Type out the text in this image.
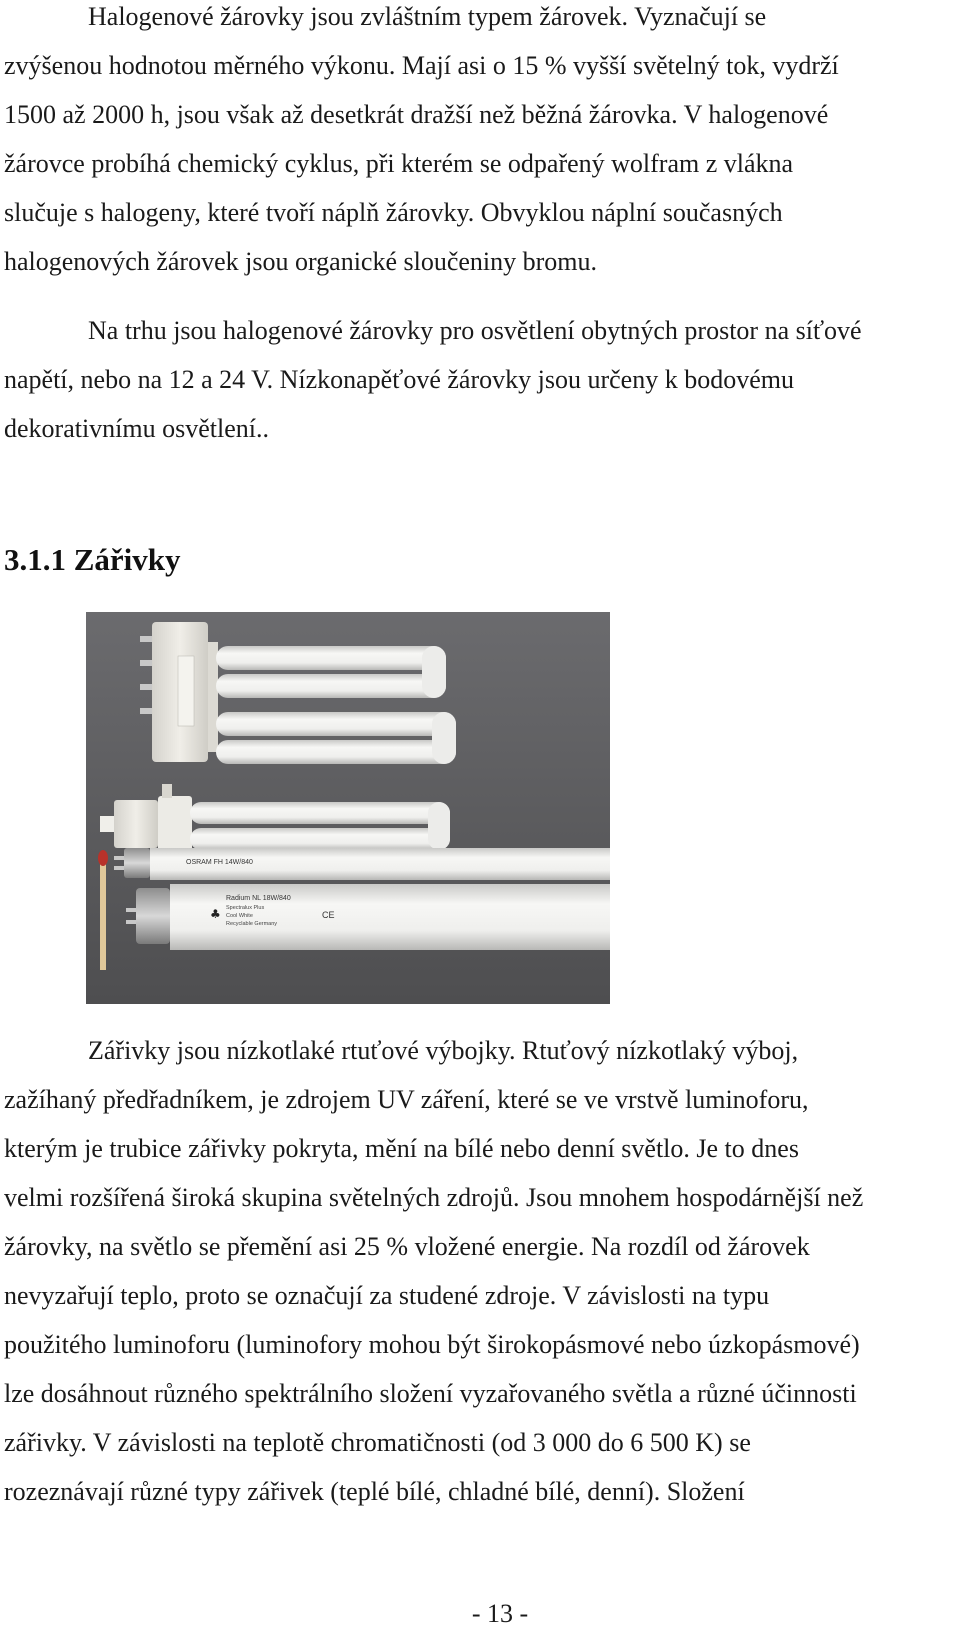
Halogenové žárovky jsou zvláštním typem žárovek. Vyznačují se
zvýšenou hodnotou měrného výkonu. Mají asi o 15 % vyšší světelný tok, vydrží
1500 až 2000 h, jsou však až desetkrát dražší než běžná žárovka. V halogenové
žárovce probíhá chemický cyklus, při kterém se odpařený wolfram z vlákna
slučuje s halogeny, které tvoří náplň žárovky. Obvyklou náplní současných
halogenových žárovek jsou organické sloučeniny bromu.

Na trhu jsou halogenové žárovky pro osvětlení obytných prostor na síťové
napětí, nebo na 12 a 24 V. Nízkonapěťové žárovky jsou určeny k bodovému
dekorativnímu osvětlení..

3.1.1 Zářivky
OSRAM FH 14W/840
♣
Radium NL 18W/840
Spectralux Plus
Cool White
Recyclable Germany
CE

Zářivky jsou nízkotlaké rtuťové výbojky. Rtuťový nízkotlaký výboj,
zažíhaný předřadníkem, je zdrojem UV záření, které se ve vrstvě luminoforu,
kterým je trubice zářivky pokryta, mění na bílé nebo denní světlo. Je to dnes
velmi rozšířená široká skupina světelných zdrojů. Jsou mnohem hospodárnější než
žárovky, na světlo se přemění asi 25 % vložené energie. Na rozdíl od žárovek
nevyzařují teplo, proto se označují za studené zdroje. V závislosti na typu
použitého luminoforu (luminofory mohou být širokopásmové nebo úzkopásmové)
lze dosáhnout různého spektrálního složení vyzařovaného světla a různé účinnosti
zářivky. V závislosti na teplotě chromatičnosti (od 3 000 do 6 500 K) se
rozeznávají různé typy zářivek (teplé bílé, chladné bílé, denní). Složení

- 13 -
